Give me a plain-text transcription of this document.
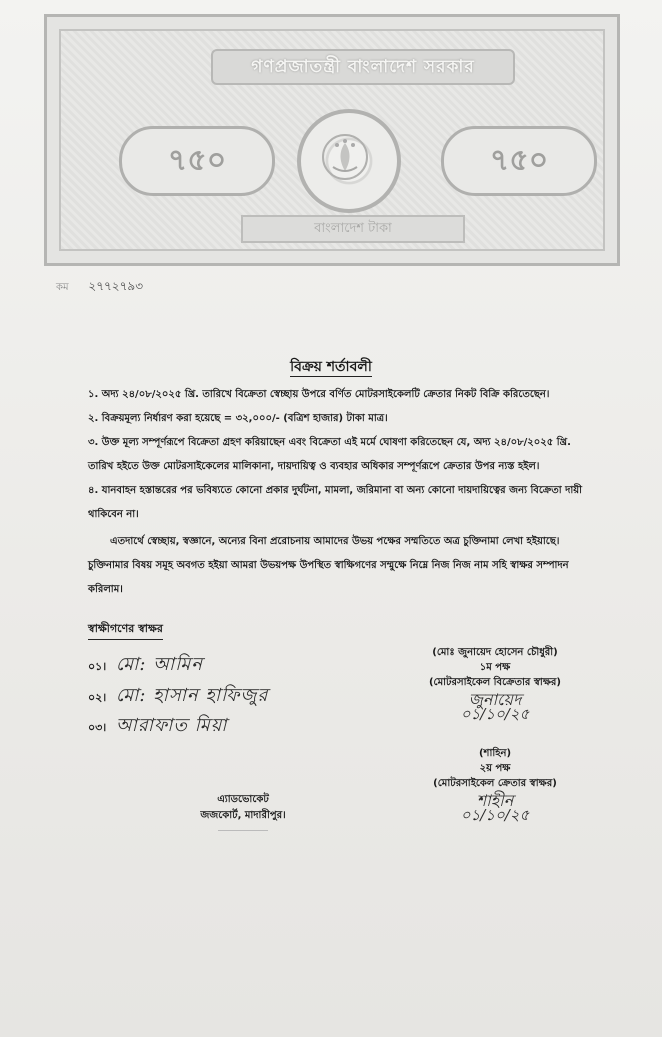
গণপ্রজাতন্ত্রী বাংলাদেশ সরকার
৭৫০	৭৫০
বাংলাদেশ টাকা
কম ২৭৭২৭৯৩
বিক্রয় শর্তাবলী
১. অদ্য ২৪/০৮/২০২৫ খ্রি. তারিখে বিক্রেতা স্বেচ্ছায় উপরে বর্ণিত মোটরসাইকেলটি ক্রেতার নিকট বিক্রি করিতেছেন।
২. বিক্রয়মূল্য নির্ধারণ করা হয়েছে = ৩২,০০০/- (বত্রিশ হাজার) টাকা মাত্র।
৩. উক্ত মূল্য সম্পূর্ণরূপে বিক্রেতা গ্রহণ করিয়াছেন এবং বিক্রেতা এই মর্মে ঘোষণা করিতেছেন যে, অদ্য ২৪/০৮/২০২৫ খ্রি. তারিখ হইতে উক্ত মোটরসাইকেলের মালিকানা, দায়দায়িত্ব ও ব্যবহার অধিকার সম্পূর্ণরূপে ক্রেতার উপর ন্যস্ত হইল।
৪. যানবাহন হস্তান্তরের পর ভবিষ্যতে কোনো প্রকার দুর্ঘটনা, মামলা, জরিমানা বা অন্য কোনো দায়দায়িত্বের জন্য বিক্রেতা দায়ী থাকিবেন না।
এতদার্থে স্বেচ্ছায়, স্বজ্ঞানে, অন্যের বিনা প্ররোচনায় আমাদের উভয় পক্ষের সম্মতিতে অত্র চুক্তিনামা লেখা হইয়াছে। চুক্তিনামার বিষয় সমূহ অবগত হইয়া আমরা উভয়পক্ষ উপস্থিত স্বাক্ষিগণের সম্মুক্ষে নিম্নে নিজ নিজ নাম সহি স্বাক্ষর সম্পাদন করিলাম।
স্বাক্ষীগণের স্বাক্ষর
০১। মো: আমিন
০২। মো: হাসান হাফিজুর
০৩। আরাফাত মিয়া
(মোঃ জুনায়েদ হোসেন চৌধুরী)
১ম পক্ষ
(মোটরসাইকেল বিক্রেতার স্বাক্ষর)
জুনায়েদ
০১/১০/২৫
(শাহিন)
২য় পক্ষ
(মোটরসাইকেল ক্রেতার স্বাক্ষর)
শাহীন
০১/১০/২৫
এ্যাডভোকেট
জজকোর্ট, মাদারীপুর।
